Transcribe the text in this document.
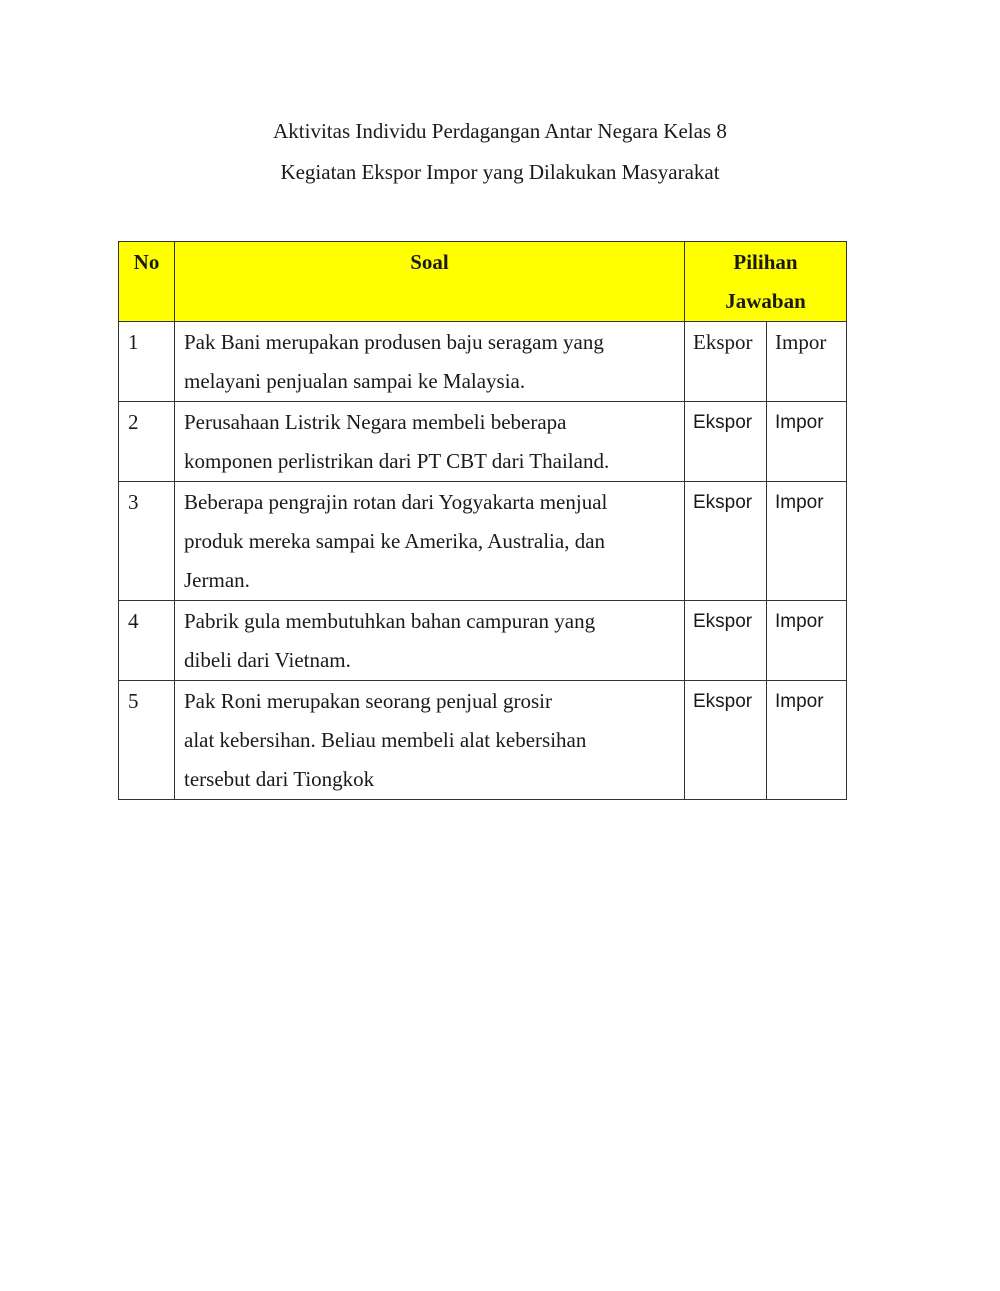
Aktivitas Individu Perdagangan Antar Negara Kelas 8
Kegiatan Ekspor Impor yang Dilakukan Masyarakat
No	Soal	Pilihan
Jawaban	

1	Pak Bani merupakan produsen baju seragam yang
melayani penjualan sampai ke Malaysia.	Ekspor	Impor
2	Perusahaan Listrik Negara membeli beberapa
komponen perlistrikan dari PT CBT dari Thailand.	Ekspor	Impor
3	Beberapa pengrajin rotan dari Yogyakarta menjual
produk mereka sampai ke Amerika, Australia, dan
Jerman.	Ekspor	Impor
4	Pabrik gula membutuhkan bahan campuran yang
dibeli dari Vietnam.	Ekspor	Impor
5	Pak Roni merupakan seorang penjual grosir
alat kebersihan. Beliau membeli alat kebersihan
tersebut dari Tiongkok	Ekspor	Impor
